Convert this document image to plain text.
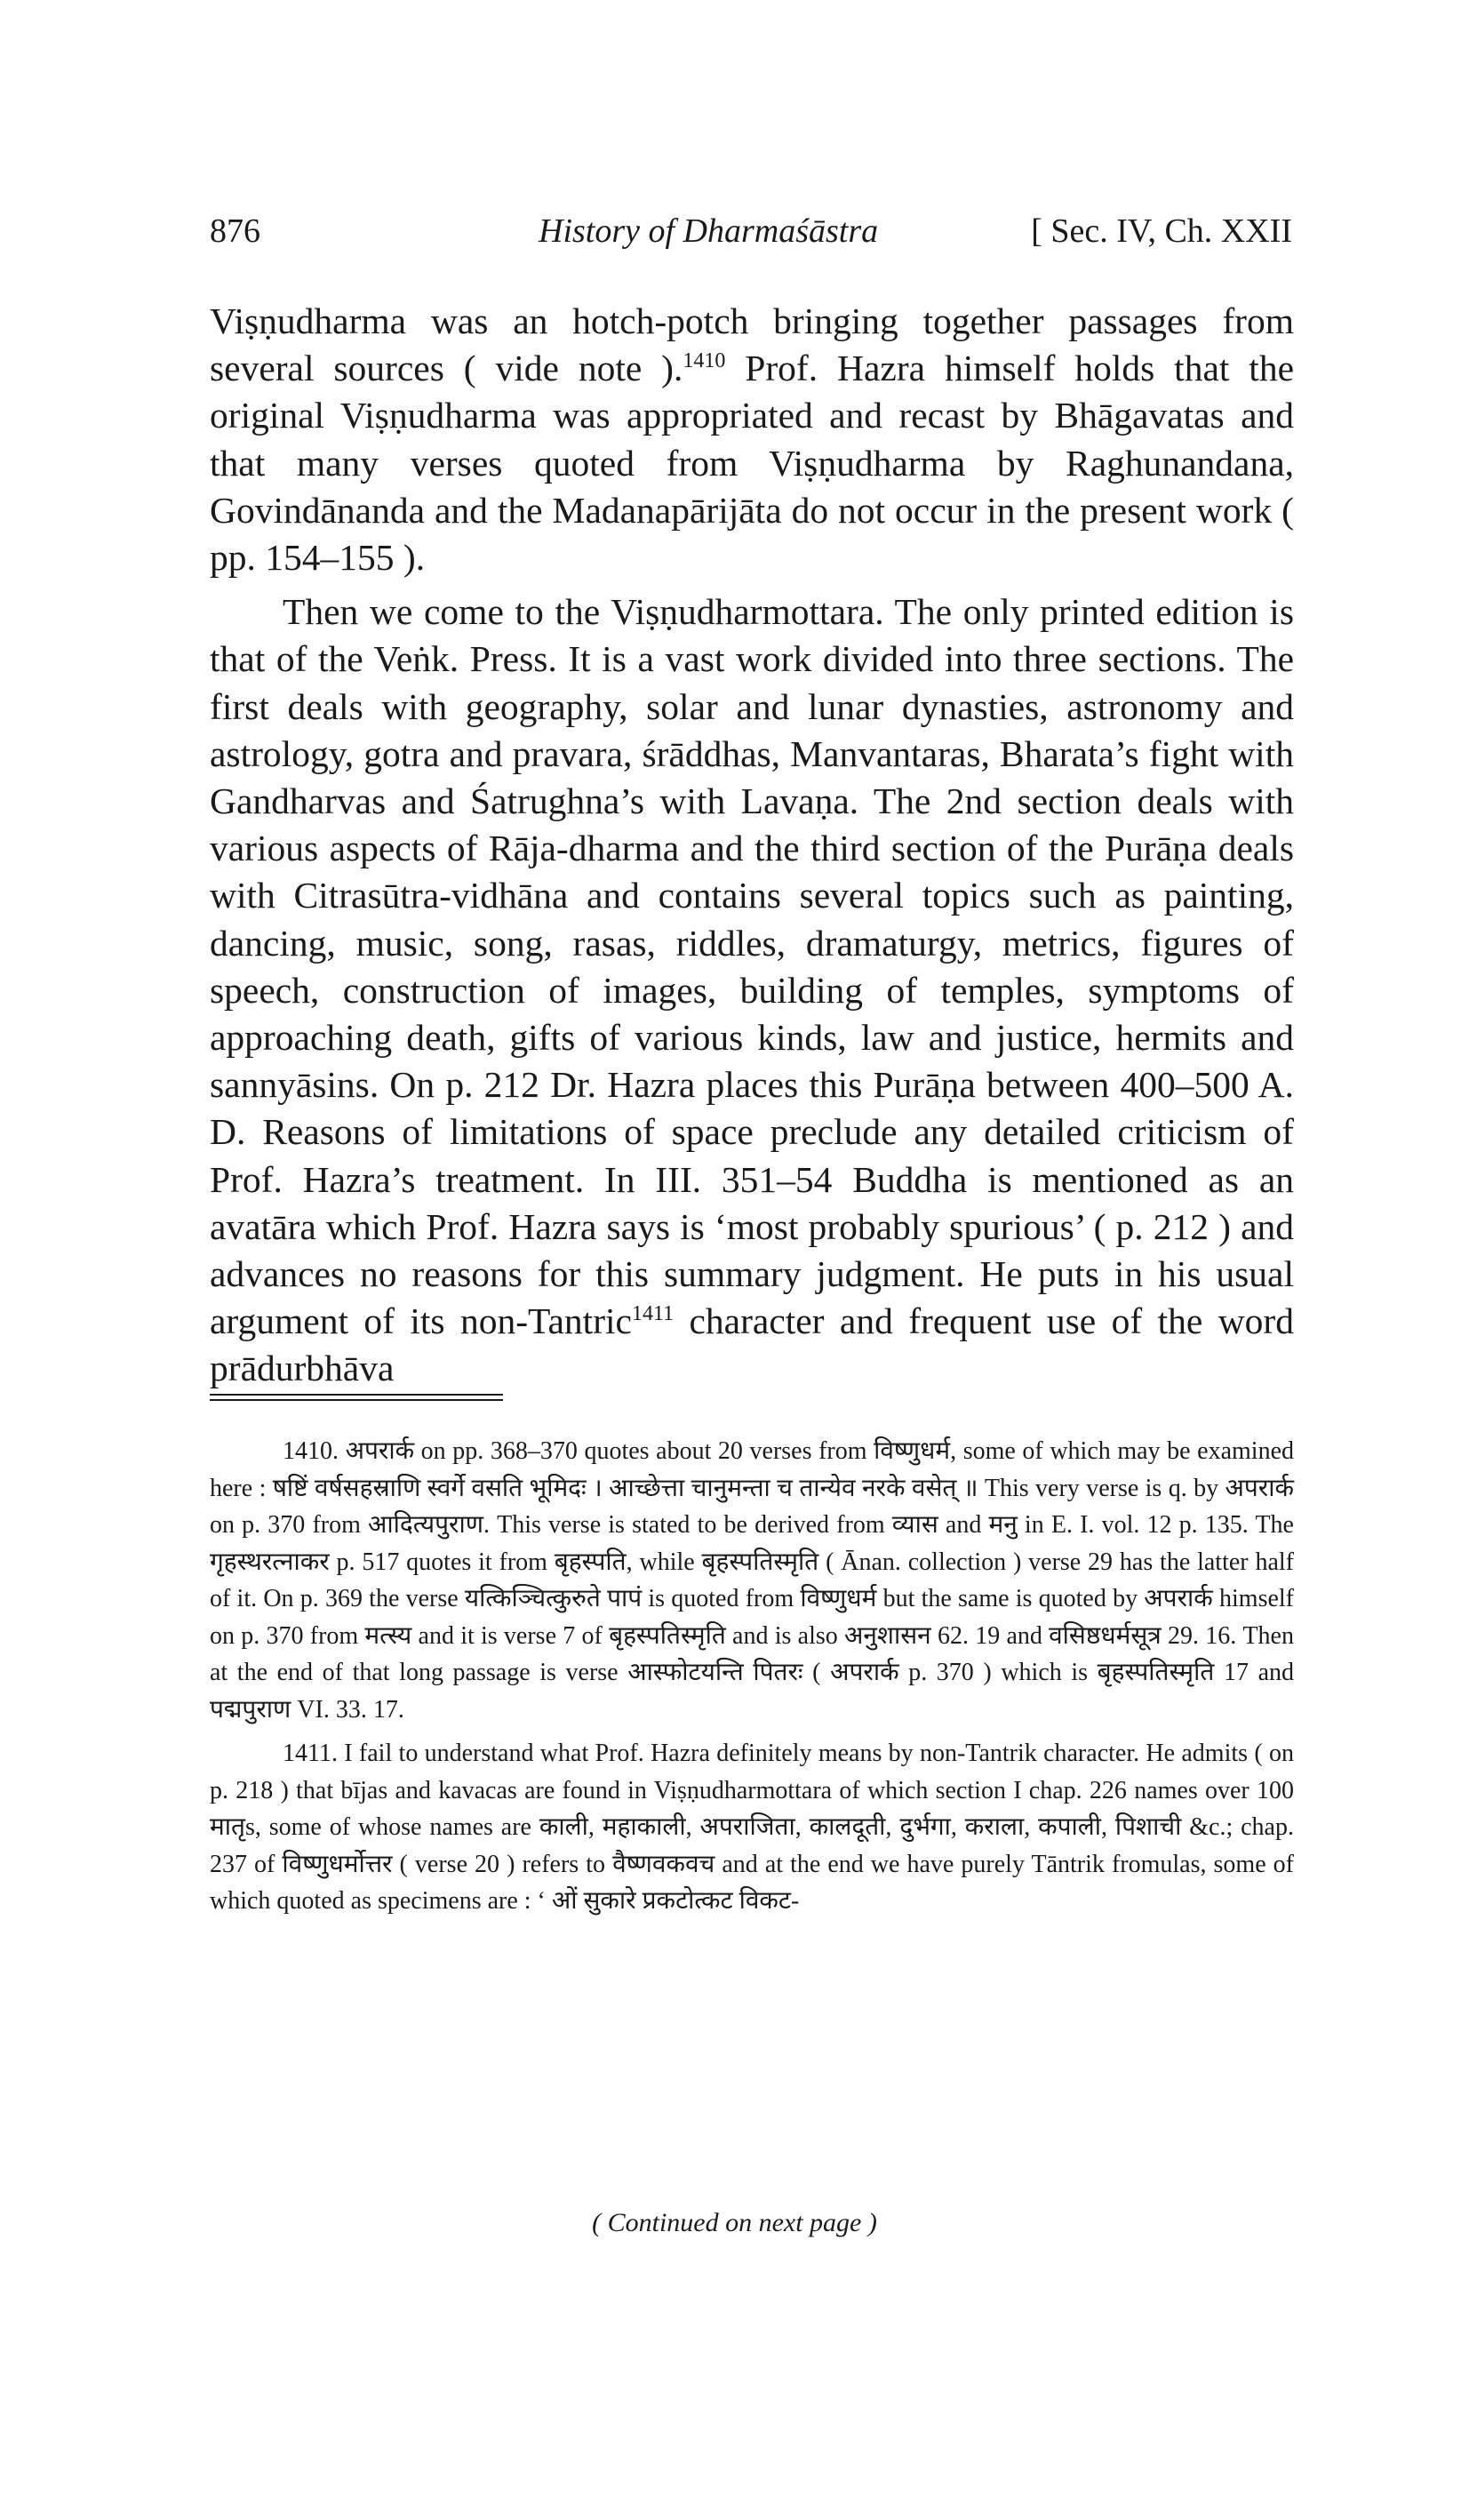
876	History of Dharmaśāstra	[ Sec. IV, Ch. XXII

Viṣṇudharma was an hotch-potch bringing together passages from several sources ( vide note ).$^{1410}$ Prof. Hazra himself holds that the original Viṣṇudharma was appropriated and recast by Bhāgavatas and that many verses quoted from Viṣṇudharma by Raghunandana, Govindānanda and the Madanapārijāta do not occur in the present work ( pp. 154–155 ).

Then we come to the Viṣṇudharmottara. The only printed edition is that of the Veṅk. Press. It is a vast work divided into three sections. The first deals with geography, solar and lunar dynasties, astronomy and astrology, gotra and pravara, śrāddhas, Manvantaras, Bharata’s fight with Gandharvas and Śatrughna’s with Lavaṇa. The 2nd section deals with various aspects of Rāja-dharma and the third section of the Purāṇa deals with Citrasūtra-vidhāna and contains several topics such as painting, dancing, music, song, rasas, riddles, dramaturgy, metrics, figures of speech, construction of images, building of temples, symptoms of approaching death, gifts of various kinds, law and justice, hermits and sannyāsins. On p. 212 Dr. Hazra places this Purāṇa between 400–500 A. D. Reasons of limitations of space preclude any detailed criticism of Prof. Hazra’s treatment. In III. 351–54 Buddha is mentioned as an avatāra which Prof. Hazra says is ‘most probably spurious’ ( p. 212 ) and advances no reasons for this summary judgment. He puts in his usual argument of its non-Tantric$^{1411}$ character and frequent use of the word prādurbhāva

1410. अपरार्क on pp. 368–370 quotes about 20 verses from विष्णुधर्म, some of which may be examined here : षष्टिं वर्षसहस्राणि स्वर्गे वसति भूमिदः । आच्छेत्ता चानुमन्ता च तान्येव नरके वसेत् ॥ This very verse is q. by अपरार्क on p. 370 from आदित्यपुराण. This verse is stated to be derived from व्यास and मनु in E. I. vol. 12 p. 135. The गृहस्थरत्नाकर p. 517 quotes it from बृहस्पति, while बृहस्पतिस्मृति ( Ānan. collection ) verse 29 has the latter half of it. On p. 369 the verse यत्किञ्चित्कुरुते पापं is quoted from विष्णुधर्म but the same is quoted by अपरार्क himself on p. 370 from मत्स्य and it is verse 7 of बृहस्पतिस्मृति and is also अनुशासन 62. 19 and वसिष्ठधर्मसूत्र 29. 16. Then at the end of that long passage is verse आस्फोटयन्ति पितरः ( अपरार्क p. 370 ) which is बृहस्पतिस्मृति 17 and पद्मपुराण VI. 33. 17.

1411. I fail to understand what Prof. Hazra definitely means by non-Tantrik character. He admits ( on p. 218 ) that bījas and kavacas are found in Viṣṇudharmottara of which section I chap. 226 names over 100 मातृs, some of whose names are काली, महाकाली, अपराजिता, कालदूती, दुर्भगा, कराला, कपाली, पिशाची &c.; chap. 237 of विष्णुधर्मोत्तर ( verse 20 ) refers to वैष्णवकवच and at the end we have purely Tāntrik fromulas, some of which quoted as specimens are : ‘ ओं सुकारे प्रकटोत्कट विकट-

( Continued on next page )
